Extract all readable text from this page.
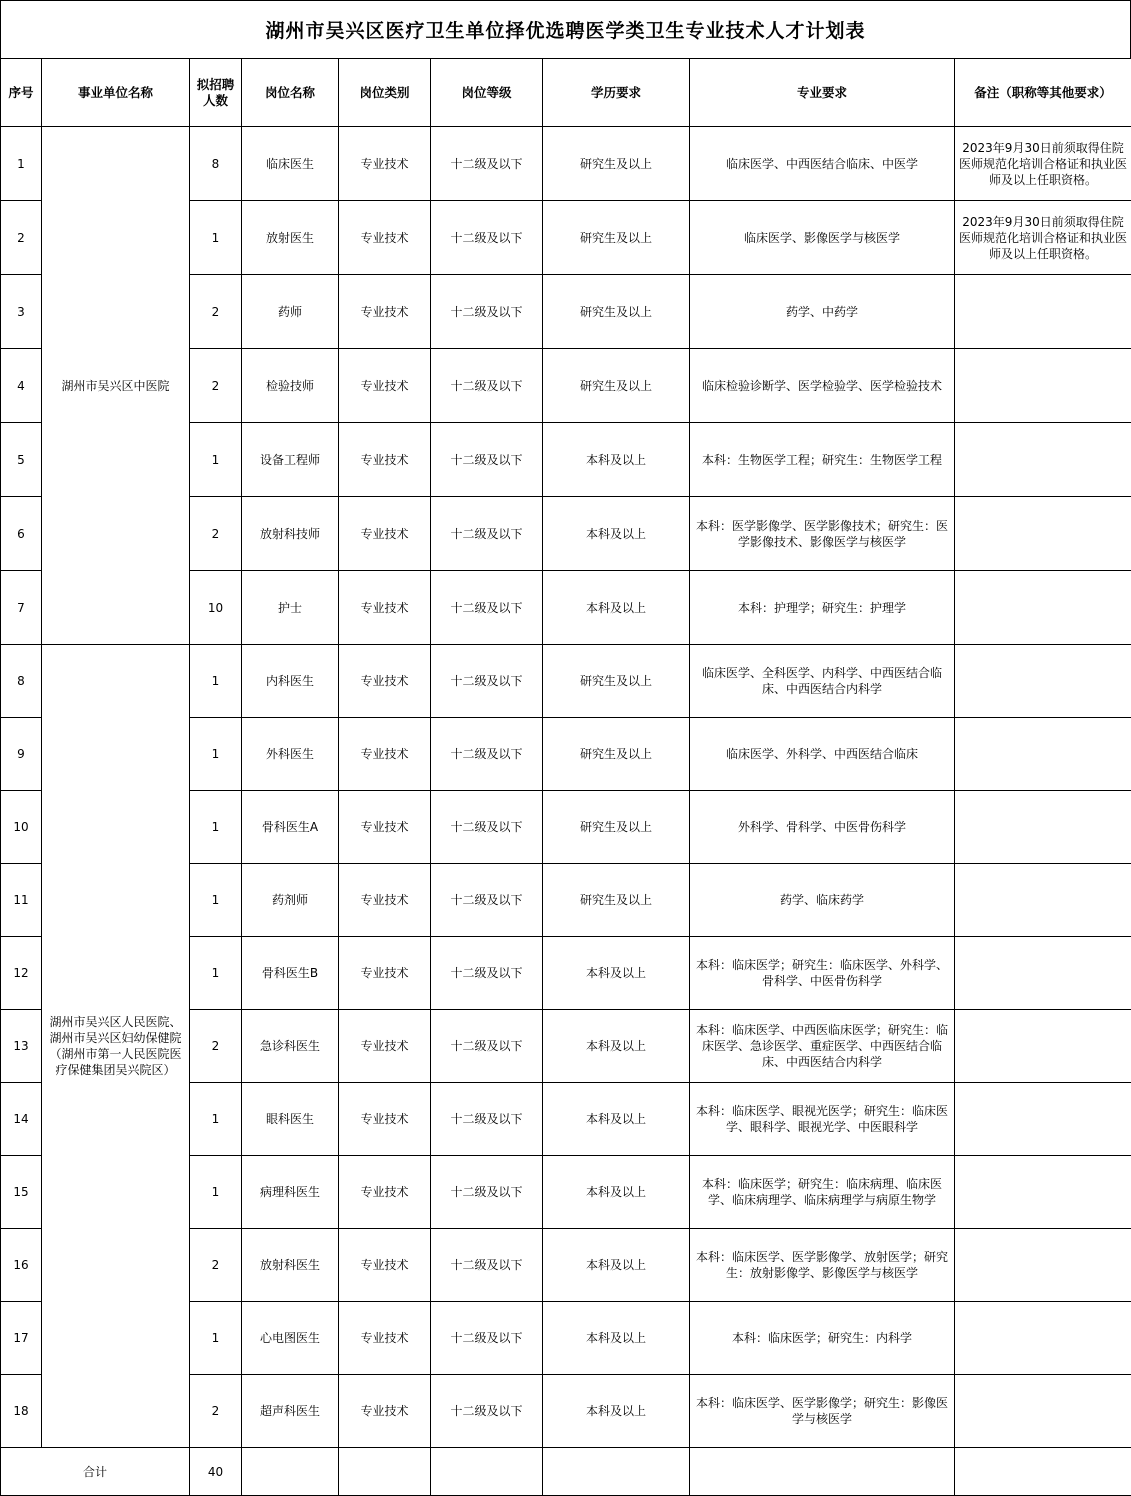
湖州市吴兴区医疗卫生单位择优选聘医学类卫生专业技术人才计划表
序号	事业单位名称	拟招聘人数	岗位名称	岗位类别	岗位等级	学历要求	专业要求	备注（职称等其他要求）
1	湖州市吴兴区中医院	8	临床医生	专业技术	十二级及以下	研究生及以上	临床医学、中西医结合临床、中医学	2023年9月30日前须取得住院医师规范化培训合格证和执业医师及以上任职资格。
2		1	放射医生	专业技术	十二级及以下	研究生及以上	临床医学、影像医学与核医学	2023年9月30日前须取得住院医师规范化培训合格证和执业医师及以上任职资格。
3		2	药师	专业技术	十二级及以下	研究生及以上	药学、中药学	
4		2	检验技师	专业技术	十二级及以下	研究生及以上	临床检验诊断学、医学检验学、医学检验技术	
5		1	设备工程师	专业技术	十二级及以下	本科及以上	本科：生物医学工程；研究生：生物医学工程	
6		2	放射科技师	专业技术	十二级及以下	本科及以上	本科：医学影像学、医学影像技术；研究生：医学影像技术、影像医学与核医学	
7		10	护士	专业技术	十二级及以下	本科及以上	本科：护理学；研究生：护理学	
8	湖州市吴兴区人民医院、湖州市吴兴区妇幼保健院（湖州市第一人民医院医疗保健集团吴兴院区）	1	内科医生	专业技术	十二级及以下	研究生及以上	临床医学、全科医学、内科学、中西医结合临床、中西医结合内科学	
9		1	外科医生	专业技术	十二级及以下	研究生及以上	临床医学、外科学、中西医结合临床	
10		1	骨科医生A	专业技术	十二级及以下	研究生及以上	外科学、骨科学、中医骨伤科学	
11		1	药剂师	专业技术	十二级及以下	研究生及以上	药学、临床药学	
12		1	骨科医生B	专业技术	十二级及以下	本科及以上	本科：临床医学；研究生：临床医学、外科学、骨科学、中医骨伤科学	
13		2	急诊科医生	专业技术	十二级及以下	本科及以上	本科：临床医学、中西医临床医学；研究生：临床医学、急诊医学、重症医学、中西医结合临床、中西医结合内科学	
14		1	眼科医生	专业技术	十二级及以下	本科及以上	本科：临床医学、眼视光医学；研究生：临床医学、眼科学、眼视光学、中医眼科学	
15		1	病理科医生	专业技术	十二级及以下	本科及以上	本科：临床医学；研究生：临床病理、临床医学、临床病理学、临床病理学与病原生物学	
16		2	放射科医生	专业技术	十二级及以下	本科及以上	本科：临床医学、医学影像学、放射医学；研究生：放射影像学、影像医学与核医学	
17		1	心电图医生	专业技术	十二级及以下	本科及以上	本科：临床医学；研究生：内科学	
18		2	超声科医生	专业技术	十二级及以下	本科及以上	本科：临床医学、医学影像学；研究生：影像医学与核医学	
合计		40						
